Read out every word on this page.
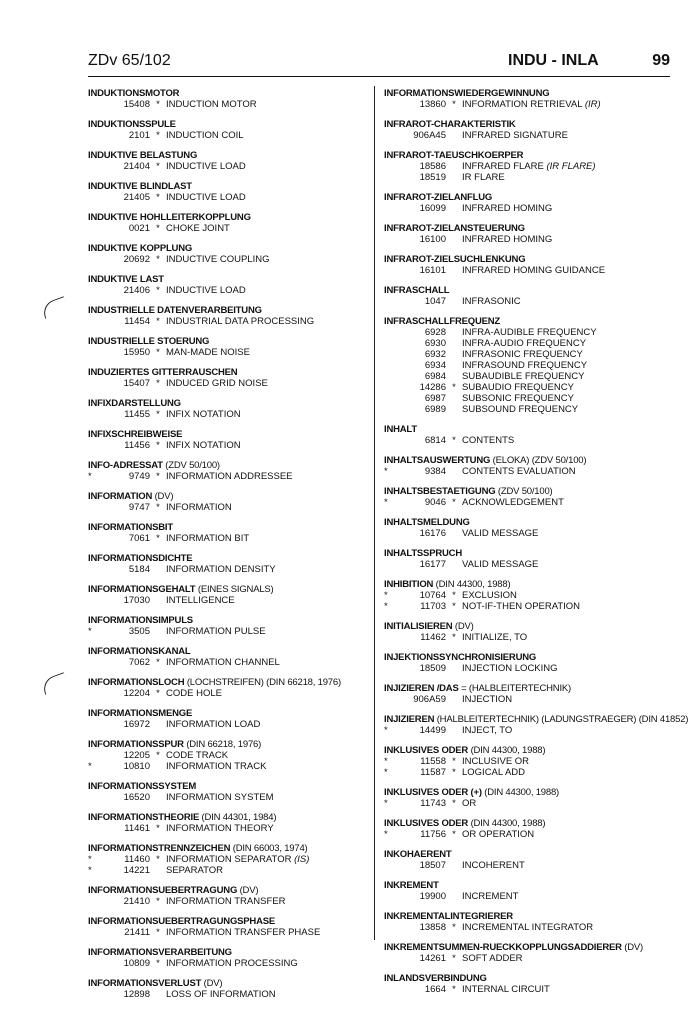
ZDv 65/102	INDU - INLA	99
INDUKTIONSMOTOR
15408 * INDUCTION MOTOR
INDUKTIONSSPULE
2101 * INDUCTION COIL
INDUKTIVE BELASTUNG
21404 * INDUCTIVE LOAD
INDUKTIVE BLINDLAST
21405 * INDUCTIVE LOAD
INDUKTIVE HOHLLEITERKOPPLUNG
0021 * CHOKE JOINT
INDUKTIVE KOPPLUNG
20692 * INDUCTIVE COUPLING
INDUKTIVE LAST
21406 * INDUCTIVE LOAD
INDUSTRIELLE DATENVERARBEITUNG
11454 * INDUSTRIAL DATA PROCESSING
INDUSTRIELLE STOERUNG
15950 * MAN-MADE NOISE
INDUZIERTES GITTERRAUSCHEN
15407 * INDUCED GRID NOISE
INFIXDARSTELLUNG
11455 * INFIX NOTATION
INFIXSCHREIBWEISE
11456 * INFIX NOTATION
INFO-ADRESSAT (ZDV 50/100)
*	9749 * INFORMATION ADDRESSEE
INFORMATION (DV)
9747 * INFORMATION
INFORMATIONSBIT
7061 * INFORMATION BIT
INFORMATIONSDICHTE
5184 INFORMATION DENSITY
INFORMATIONSGEHALT (EINES SIGNALS)
17030 INTELLIGENCE
INFORMATIONSIMPULS
*	3505 INFORMATION PULSE
INFORMATIONSKANAL
7062 * INFORMATION CHANNEL
INFORMATIONSLOCH (LOCHSTREIFEN) (DIN 66218, 1976)
12204 * CODE HOLE
INFORMATIONSMENGE
16972 INFORMATION LOAD
INFORMATIONSSPUR (DIN 66218, 1976)
12205 * CODE TRACK
*	10810 INFORMATION TRACK
INFORMATIONSSYSTEM
16520 INFORMATION SYSTEM
INFORMATIONSTHEORIE (DIN 44301, 1984)
11461 * INFORMATION THEORY
INFORMATIONSTRENNZEICHEN (DIN 66003, 1974)
*	11460 * INFORMATION SEPARATOR (IS)
*	14221 SEPARATOR
INFORMATIONSUEBERTRAGUNG (DV)
21410 * INFORMATION TRANSFER
INFORMATIONSUEBERTRAGUNGSPHASE
21411 * INFORMATION TRANSFER PHASE
INFORMATIONSVERARBEITUNG
10809 * INFORMATION PROCESSING
INFORMATIONSVERLUST (DV)
12898 LOSS OF INFORMATION
INFORMATIONSWIEDERGEWINNUNG
13860 * INFORMATION RETRIEVAL (IR)
INFRAROT-CHARAKTERISTIK
906A45 INFRARED SIGNATURE
INFRAROT-TAEUSCHKOERPER
18586 INFRARED FLARE (IR FLARE)
18519 IR FLARE
INFRAROT-ZIELANFLUG
16099 INFRARED HOMING
INFRAROT-ZIELANSTEUERUNG
16100 INFRARED HOMING
INFRAROT-ZIELSUCHLENKUNG
16101 INFRARED HOMING GUIDANCE
INFRASCHALL
1047 INFRASONIC
INFRASCHALLFREQUENZ
6928 INFRA-AUDIBLE FREQUENCY
6930 INFRA-AUDIO FREQUENCY
6932 INFRASONIC FREQUENCY
6934 INFRASOUND FREQUENCY
6984 SUBAUDIBLE FREQUENCY
14286 * SUBAUDIO FREQUENCY
6987 SUBSONIC FREQUENCY
6989 SUBSOUND FREQUENCY
INHALT
6814 * CONTENTS
INHALTSAUSWERTUNG (ELOKA) (ZDV 50/100)
*	9384 CONTENTS EVALUATION
INHALTSBESTAETIGUNG (ZDV 50/100)
*	9046 * ACKNOWLEDGEMENT
INHALTSMELDUNG
16176 VALID MESSAGE
INHALTSSPRUCH
16177 VALID MESSAGE
INHIBITION (DIN 44300, 1988)
*	10764 * EXCLUSION
*	11703 * NOT-IF-THEN OPERATION
INITIALISIEREN (DV)
11462 * INITIALIZE, TO
INJEKTIONSSYNCHRONISIERUNG
18509 INJECTION LOCKING
INJIZIEREN /DAS = (HALBLEITERTECHNIK)
906A59 INJECTION
INJIZIEREN (HALBLEITERTECHNIK) (LADUNGSTRAEGER) (DIN 41852)
*	14499 INJECT, TO
INKLUSIVES ODER (DIN 44300, 1988)
*	11558 * INCLUSIVE OR
*	11587 * LOGICAL ADD
INKLUSIVES ODER (+) (DIN 44300, 1988)
*	11743 * OR
INKLUSIVES ODER (DIN 44300, 1988)
*	11756 * OR OPERATION
INKOHAERENT
18507 INCOHERENT
INKREMENT
19900 INCREMENT
INKREMENTALINTEGRIERER
13858 * INCREMENTAL INTEGRATOR
INKREMENTSUMMEN-RUECKKOPPLUNGSADDIERER (DV)
14261 * SOFT ADDER
INLANDSVERBINDUNG
1664 * INTERNAL CIRCUIT
